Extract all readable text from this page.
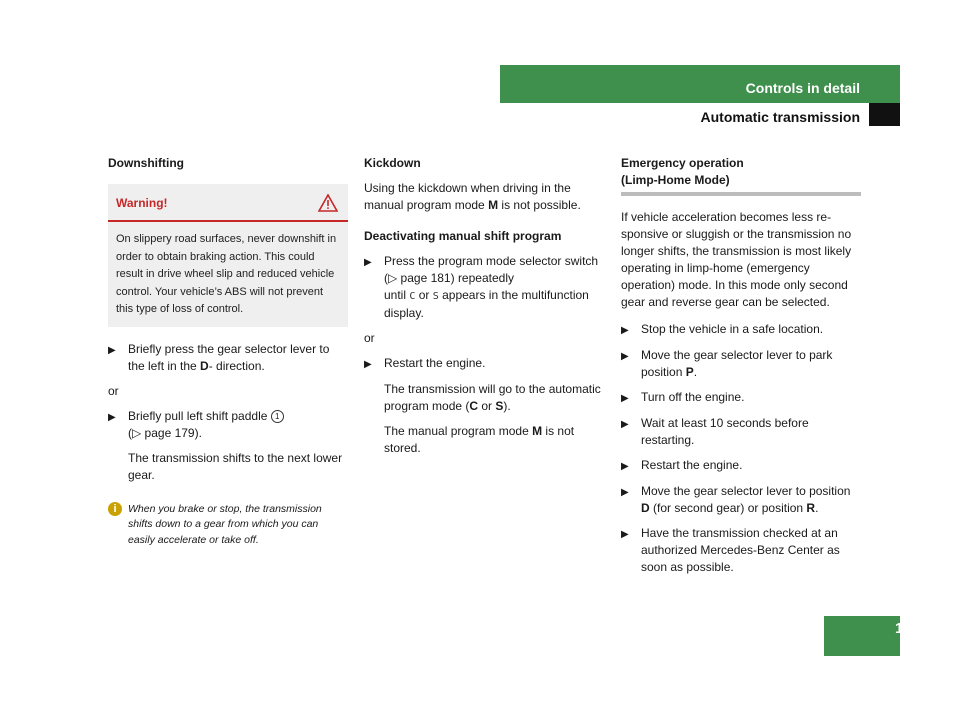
Controls in detail
Automatic transmission
Downshifting
Warning!
On slippery road surfaces, never downshift in order to obtain braking action. This could result in drive wheel slip and reduced vehicle control. Your vehicle’s ABS will not prevent this type of loss of control.
▶	Briefly press the gear selector lever to the left in the D- direction.

or

▶	Briefly pull left shift paddle 1
(▷ page 179).

The transmission shifts to the next lower gear.

i	When you brake or stop, the transmission shifts down to a gear from which you can easily accelerate or take off.
Kickdown

Using the kickdown when driving in the manual program mode M is not possible.

Deactivating manual shift program
▶	Press the program mode selector switch (▷ page 181) repeatedly
until C or S appears in the multifunction display.

or

▶	Restart the engine.

The transmission will go to the automatic program mode (C or S).

The manual program mode M is not stored.

Emergency operation
(Limp-Home Mode)

If vehicle acceleration becomes less re-sponsive or sluggish or the transmission no longer shifts, the transmission is most likely operating in limp-home (emergency operation) mode. In this mode only second gear and reverse gear can be selected.

▶	Stop the vehicle in a safe location.
▶	Move the gear selector lever to park position P.
▶	Turn off the engine.
▶	Wait at least 10 seconds before restarting.
▶	Restart the engine.
▶	Move the gear selector lever to position D (for second gear) or position R.
▶	Have the transmission checked at an authorized Mercedes-Benz Center as soon as possible.
183
